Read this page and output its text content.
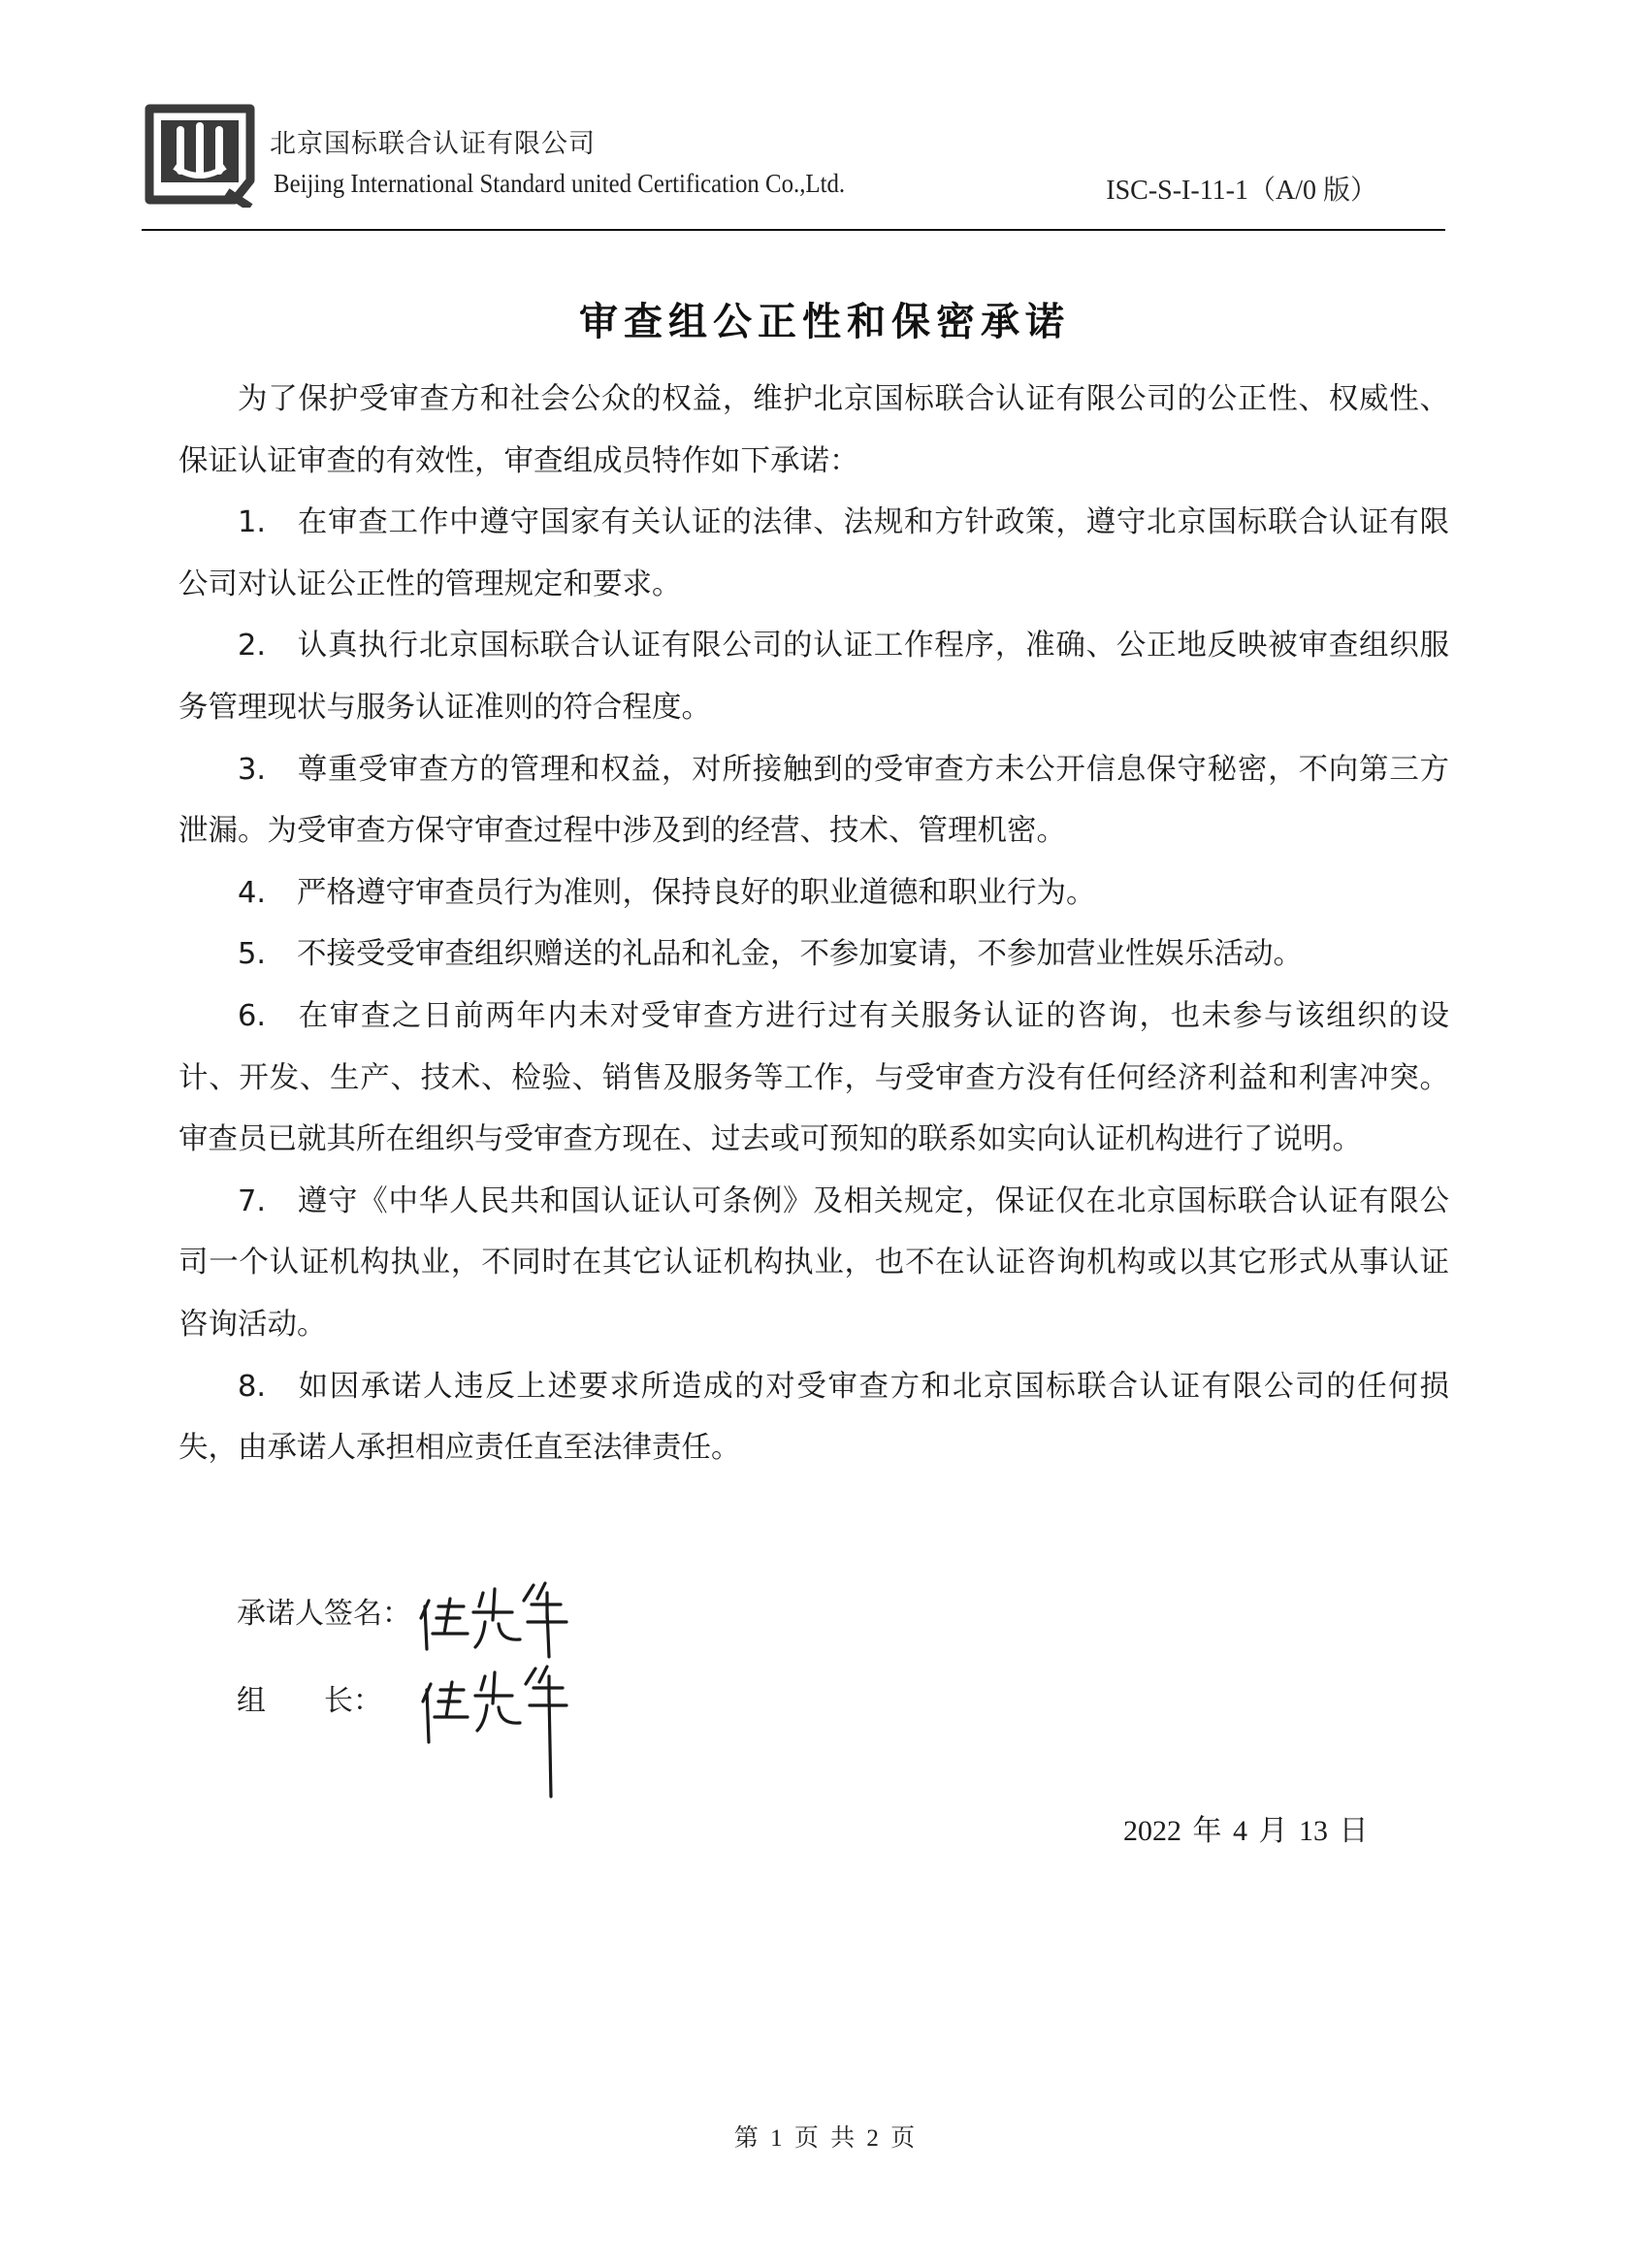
北京国标联合认证有限公司
Beijing International Standard united Certification Co.,Ltd.	ISC-S-I-11-1（A/0 版）
审查组公正性和保密承诺

为了保护受审查方和社会公众的权益，维护北京国标联合认证有限公司的公正性、权威性、保证认证审查的有效性，审查组成员特作如下承诺：

1. 在审查工作中遵守国家有关认证的法律、法规和方针政策，遵守北京国标联合认证有限公司对认证公正性的管理规定和要求。

2. 认真执行北京国标联合认证有限公司的认证工作程序，准确、公正地反映被审查组织服务管理现状与服务认证准则的符合程度。

3. 尊重受审查方的管理和权益，对所接触到的受审查方未公开信息保守秘密，不向第三方泄漏。为受审查方保守审查过程中涉及到的经营、技术、管理机密。

4. 严格遵守审查员行为准则，保持良好的职业道德和职业行为。

5. 不接受受审查组织赠送的礼品和礼金，不参加宴请，不参加营业性娱乐活动。

6. 在审查之日前两年内未对受审查方进行过有关服务认证的咨询，也未参与该组织的设计、开发、生产、技术、检验、销售及服务等工作，与受审查方没有任何经济利益和利害冲突。审查员已就其所在组织与受审查方现在、过去或可预知的联系如实向认证机构进行了说明。

7. 遵守《中华人民共和国认证认可条例》及相关规定，保证仅在北京国标联合认证有限公司一个认证机构执业，不同时在其它认证机构执业，也不在认证咨询机构或以其它形式从事认证咨询活动。

8. 如因承诺人违反上述要求所造成的对受审查方和北京国标联合认证有限公司的任何损失，由承诺人承担相应责任直至法律责任。

承诺人签名：
组　　长：
2022 年 4 月 13 日
第 1 页 共 2 页
